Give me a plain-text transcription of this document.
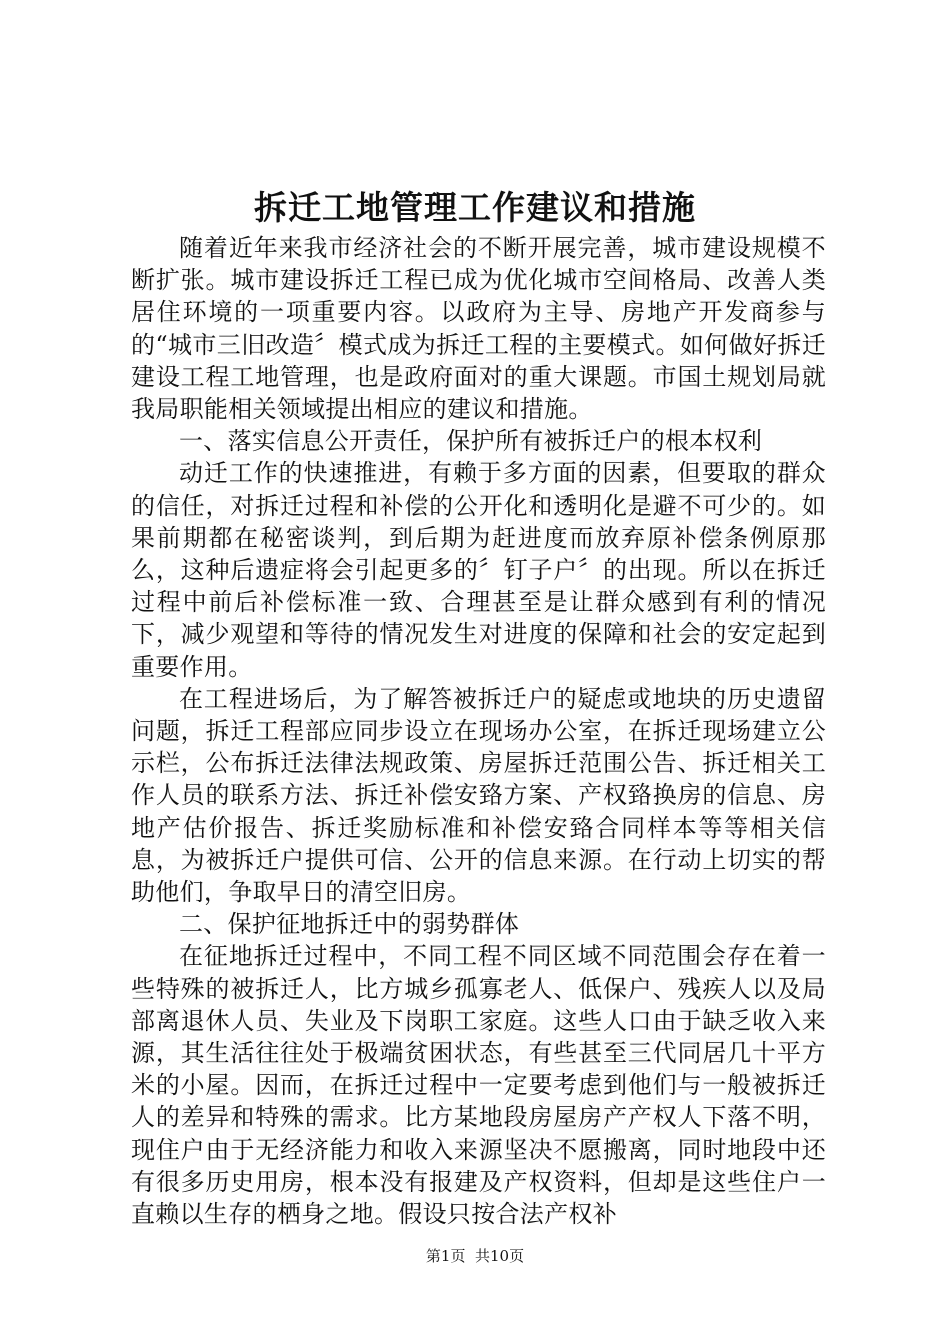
拆迁工地管理工作建议和措施

随着近年来我市经济社会的不断开展完善，城市建设规模不断扩张。城市建设拆迁工程已成为优化城市空间格局、改善人类居住环境的一项重要内容。以政府为主导、房地产开发商参与的“城市三旧改造〞模式成为拆迁工程的主要模式。如何做好拆迁建设工程工地管理，也是政府面对的重大课题。市国土规划局就我局职能相关领域提出相应的建议和措施。

一、落实信息公开责任，保护所有被拆迁户的根本权利

动迁工作的快速推进，有赖于多方面的因素，但要取的群众的信任，对拆迁过程和补偿的公开化和透明化是避不可少的。如果前期都在秘密谈判，到后期为赶进度而放弃原补偿条例原那么，这种后遗症将会引起更多的〞钉子户〞的出现。所以在拆迁过程中前后补偿标准一致、合理甚至是让群众感到有利的情况下，减少观望和等待的情况发生对进度的保障和社会的安定起到重要作用。

在工程进场后，为了解答被拆迁户的疑虑或地块的历史遗留问题，拆迁工程部应同步设立在现场办公室，在拆迁现场建立公示栏，公布拆迁法律法规政策、房屋拆迁范围公告、拆迁相关工作人员的联系方法、拆迁补偿安臵方案、产权臵换房的信息、房地产估价报告、拆迁奖励标准和补偿安臵合同样本等等相关信息，为被拆迁户提供可信、公开的信息来源。在行动上切实的帮助他们，争取早日的清空旧房。

二、保护征地拆迁中的弱势群体

在征地拆迁过程中，不同工程不同区域不同范围会存在着一些特殊的被拆迁人，比方城乡孤寡老人、低保户、残疾人以及局部离退休人员、失业及下岗职工家庭。这些人口由于缺乏收入来源，其生活往往处于极端贫困状态，有些甚至三代同居几十平方米的小屋。因而，在拆迁过程中一定要考虑到他们与一般被拆迁人的差异和特殊的需求。比方某地段房屋房产产权人下落不明，现住户由于无经济能力和收入来源坚决不愿搬离，同时地段中还有很多历史用房，根本没有报建及产权资料，但却是这些住户一直赖以生存的栖身之地。假设只按合法产权补

第1页  共10页
